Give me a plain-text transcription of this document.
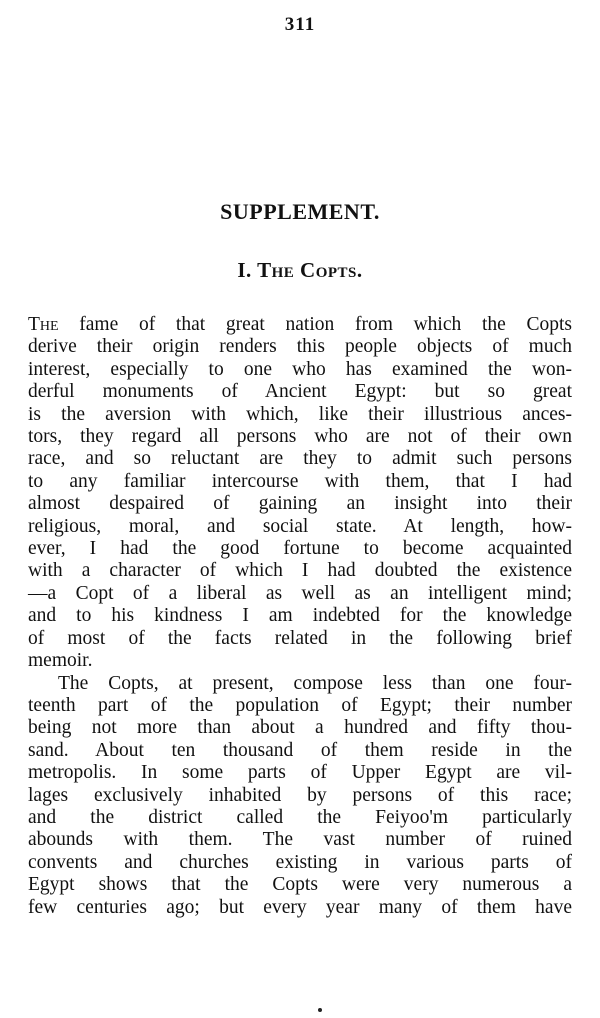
311
SUPPLEMENT.
I. The Copts.
The fame of that great nation from which the Copts
derive their origin renders this people objects of much
interest, especially to one who has examined the won-
derful monuments of Ancient Egypt: but so great
is the aversion with which, like their illustrious ances-
tors, they regard all persons who are not of their own
race, and so reluctant are they to admit such persons
to any familiar intercourse with them, that I had
almost despaired of gaining an insight into their
religious, moral, and social state. At length, how-
ever, I had the good fortune to become acquainted
with a character of which I had doubted the existence
—a Copt of a liberal as well as an intelligent mind;
and to his kindness I am indebted for the knowledge
of most of the facts related in the following brief
memoir.
The Copts, at present, compose less than one four-
teenth part of the population of Egypt; their number
being not more than about a hundred and fifty thou-
sand. About ten thousand of them reside in the
metropolis. In some parts of Upper Egypt are vil-
lages exclusively inhabited by persons of this race;
and the district called the Feiyoo'm particularly
abounds with them. The vast number of ruined
convents and churches existing in various parts of
Egypt shows that the Copts were very numerous a
few centuries ago; but every year many of them have
